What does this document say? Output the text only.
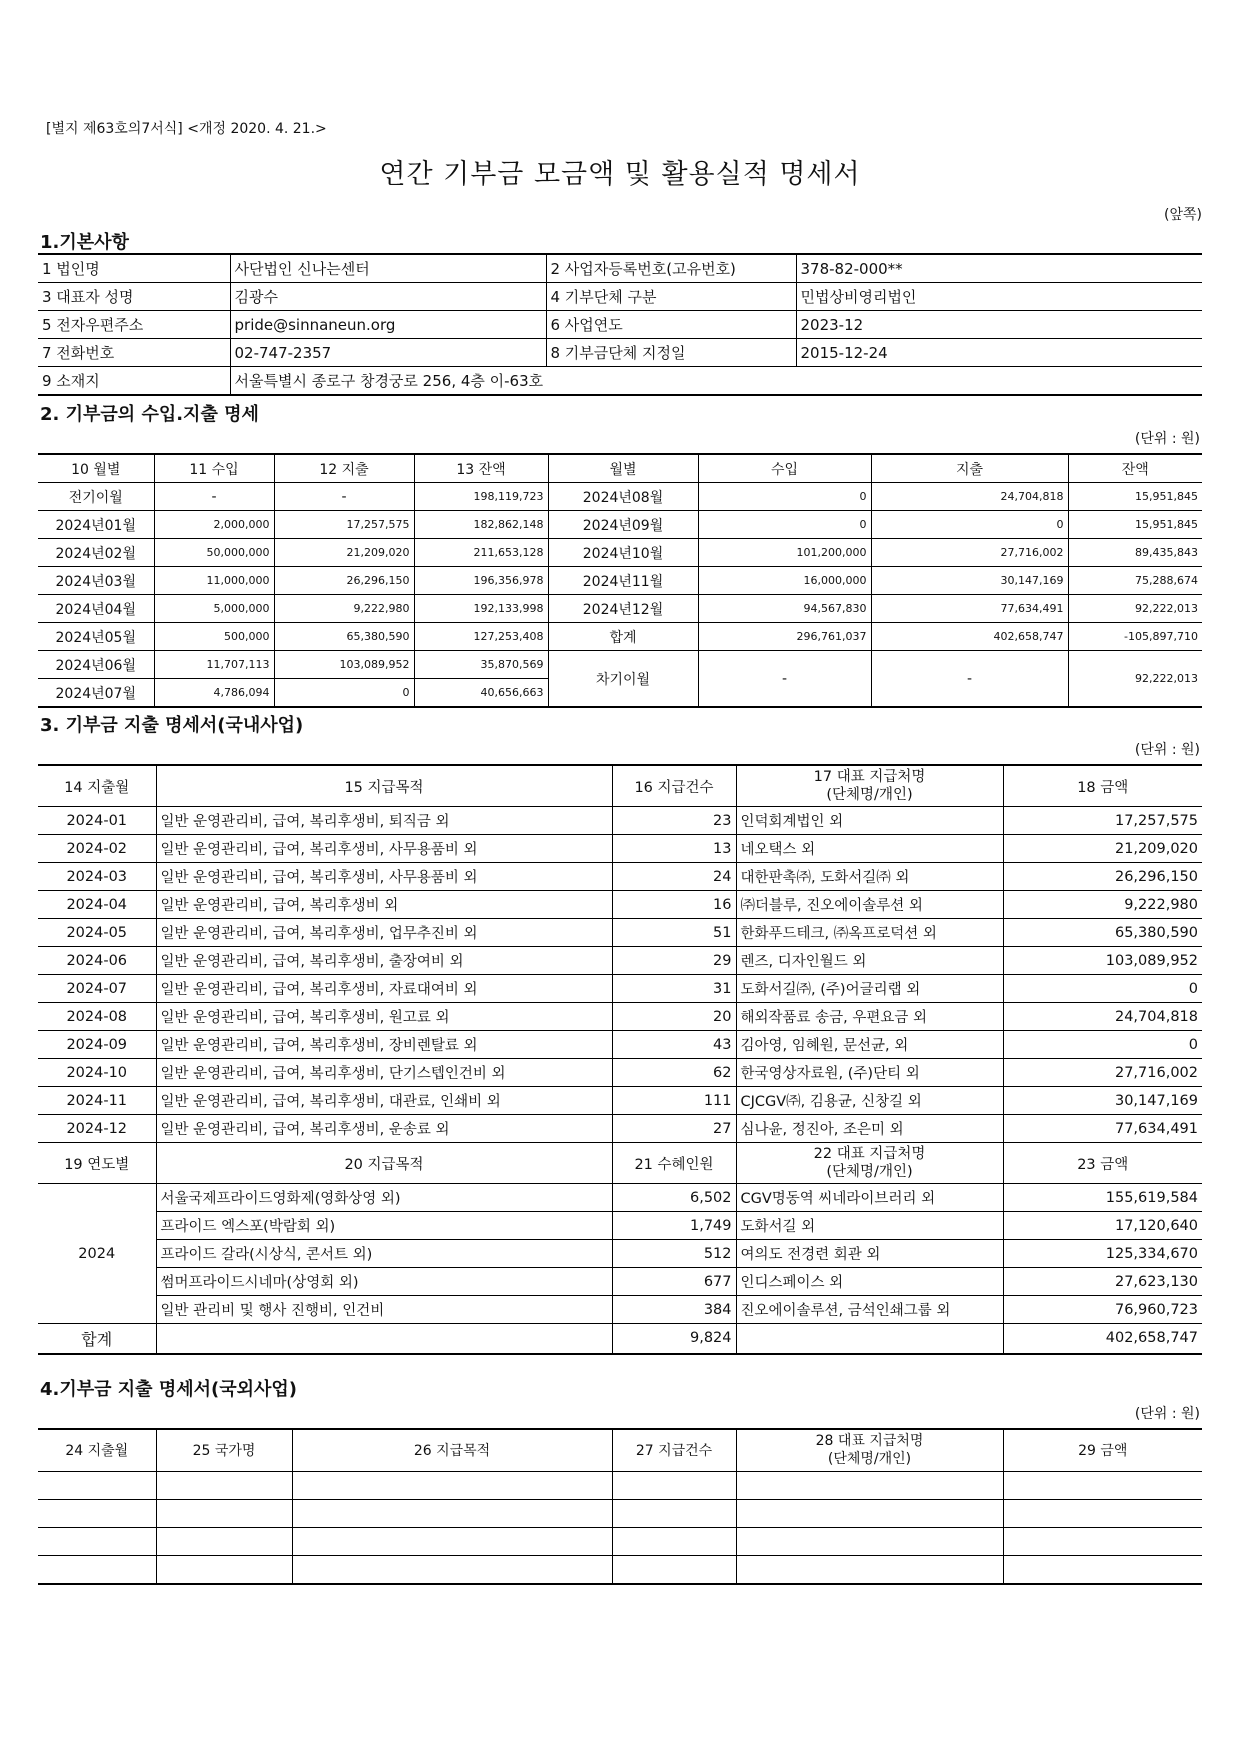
[별지 제63호의7서식] <개정 2020. 4. 21.>
연간 기부금 모금액 및 활용실적 명세서
(앞쪽)
1.기본사항
1 법인명	사단법인 신나는센터	2 사업자등록번호(고유번호)	378-82-000**
3 대표자 성명	김광수	4 기부단체 구분	민법상비영리법인
5 전자우편주소	pride@sinnaneun.org	6 사업연도	2023-12
7 전화번호	02-747-2357	8 기부금단체 지정일	2015-12-24
9 소재지	서울특별시 종로구 창경궁로 256, 4층 이-63호		
2. 기부금의 수입.지출 명세
(단위 : 원)
10 월별	11 수입	12 지출	13 잔액	월별	수입	지출	잔액
전기이월	-	-	198,119,723	2024년08월	0	24,704,818	15,951,845
2024년01월	2,000,000	17,257,575	182,862,148	2024년09월	0	0	15,951,845
2024년02월	50,000,000	21,209,020	211,653,128	2024년10월	101,200,000	27,716,002	89,435,843
2024년03월	11,000,000	26,296,150	196,356,978	2024년11월	16,000,000	30,147,169	75,288,674
2024년04월	5,000,000	9,222,980	192,133,998	2024년12월	94,567,830	77,634,491	92,222,013
2024년05월	500,000	65,380,590	127,253,408	합계	296,761,037	402,658,747	-105,897,710
2024년06월	11,707,113	103,089,952	35,870,569	차기이월	-	-	92,222,013
2024년07월	4,786,094	0	40,656,663				
3. 기부금 지출 명세서(국내사업)
(단위 : 원)
14 지출월	15 지급목적	16 지급건수	17 대표 지급처명
(단체명/개인)	18 금액
2024-01	일반 운영관리비, 급여, 복리후생비, 퇴직금 외	23	인덕회계법인 외	17,257,575
2024-02	일반 운영관리비, 급여, 복리후생비, 사무용품비 외	13	네오택스 외	21,209,020
2024-03	일반 운영관리비, 급여, 복리후생비, 사무용품비 외	24	대한판촉㈜, 도화서길㈜ 외	26,296,150
2024-04	일반 운영관리비, 급여, 복리후생비 외	16	㈜더블루, 진오에이솔루션 외	9,222,980
2024-05	일반 운영관리비, 급여, 복리후생비, 업무추진비 외	51	한화푸드테크, ㈜옥프로덕션 외	65,380,590
2024-06	일반 운영관리비, 급여, 복리후생비, 출장여비 외	29	렌즈, 디자인월드 외	103,089,952
2024-07	일반 운영관리비, 급여, 복리후생비, 자료대여비 외	31	도화서길㈜, (주)어글리랩 외	0
2024-08	일반 운영관리비, 급여, 복리후생비, 원고료 외	20	해외작품료 송금, 우편요금 외	24,704,818
2024-09	일반 운영관리비, 급여, 복리후생비, 장비렌탈료 외	43	김아영, 임혜원, 문선균, 외	0
2024-10	일반 운영관리비, 급여, 복리후생비, 단기스텝인건비 외	62	한국영상자료원, (주)단티 외	27,716,002
2024-11	일반 운영관리비, 급여, 복리후생비, 대관료, 인쇄비 외	111	CJCGV㈜, 김용균, 신창길 외	30,147,169
2024-12	일반 운영관리비, 급여, 복리후생비, 운송료 외	27	심나윤, 정진아, 조은미 외	77,634,491
19 연도별	20 지급목적	21 수혜인원	22 대표 지급처명
(단체명/개인)	23 금액
2024	서울국제프라이드영화제(영화상영 외)	6,502	CGV명동역 씨네라이브러리 외	155,619,584
	프라이드 엑스포(박람회 외)	1,749	도화서길 외	17,120,640
	프라이드 갈라(시상식, 콘서트 외)	512	여의도 전경련 회관 외	125,334,670
	썸머프라이드시네마(상영회 외)	677	인디스페이스 외	27,623,130
	일반 관리비 및 행사 진행비, 인건비	384	진오에이솔루션, 금석인쇄그룹 외	76,960,723
합계		9,824		402,658,747
4.기부금 지출 명세서(국외사업)
(단위 : 원)
24 지출월	25 국가명	26 지급목적	27 지급건수	28 대표 지급처명
(단체명/개인)	29 금액
